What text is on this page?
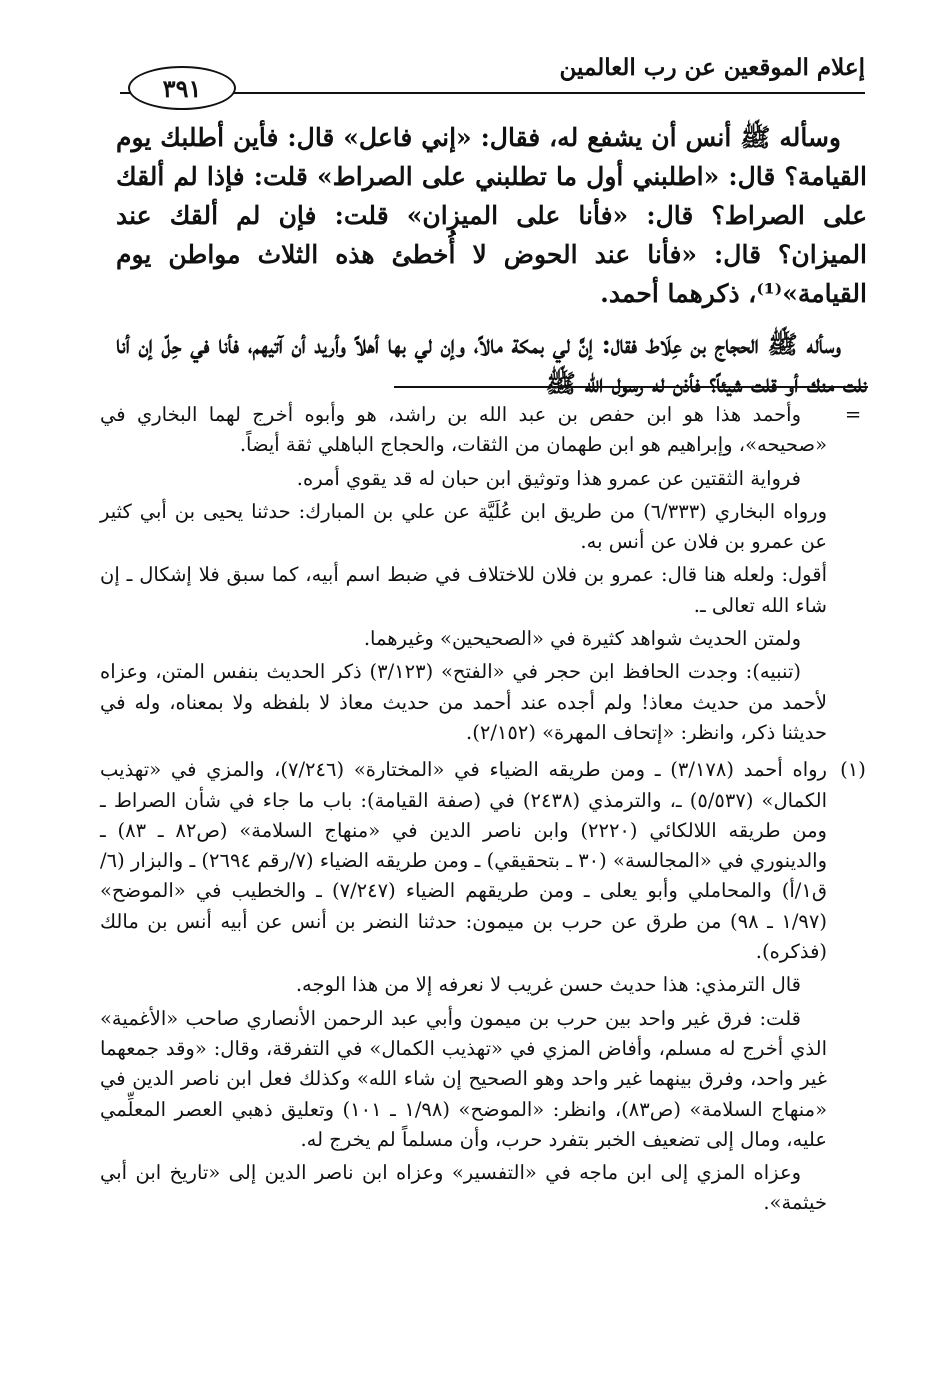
إعلام الموقعين عن رب العالمين
٣٩١

وسأله ﷺ أنس أن يشفع له، فقال: «إني فاعل» قال: فأين أطلبك يوم القيامة؟ قال: «اطلبني أول ما تطلبني على الصراط» قلت: فإذا لم ألقك على الصراط؟ قال: «فأنا على الميزان» قلت: فإن لم ألقك عند الميزان؟ قال: «فأنا عند الحوض لا أُخطئ هذه الثلاث مواطن يوم القيامة»⁽¹⁾، ذكرهما أحمد.

وسأله ﷺ الحجاج بن عِلَاط فقال: إنَّ لي بمكة مالاً، وإن لي بها أهلاً وأريد أن آتيهم، فأنا في حِلّ إن أنا نلت منك أو قلت شيئاً؟ فأذن له رسول الله ﷺ

=

وأحمد هذا هو ابن حفص بن عبد الله بن راشد، هو وأبوه أخرج لهما البخاري في «صحيحه»، وإبراهيم هو ابن طهمان من الثقات، والحجاج الباهلي ثقة أيضاً.

فرواية الثقتين عن عمرو هذا وتوثيق ابن حبان له قد يقوي أمره.

ورواه البخاري (٦/٣٣٣) من طريق ابن عُلَيَّة عن علي بن المبارك: حدثنا يحيى بن أبي كثير عن عمرو بن فلان عن أنس به.

أقول: ولعله هنا قال: عمرو بن فلان للاختلاف في ضبط اسم أبيه، كما سبق فلا إشكال ـ إن شاء الله تعالى ـ.

ولمتن الحديث شواهد كثيرة في «الصحيحين» وغيرهما.

(تنبيه): وجدت الحافظ ابن حجر في «الفتح» (٣/١٢٣) ذكر الحديث بنفس المتن، وعزاه لأحمد من حديث معاذ! ولم أجده عند أحمد من حديث معاذ لا بلفظه ولا بمعناه، وله في حديثنا ذكر، وانظر: «إتحاف المهرة» (٢/١٥٢).

(١)

رواه أحمد (٣/١٧٨) ـ ومن طريقه الضياء في «المختارة» (٧/٢٤٦)، والمزي في «تهذيب الكمال» (٥/٥٣٧) ـ، والترمذي (٢٤٣٨) في (صفة القيامة): باب ما جاء في شأن الصراط ـ ومن طريقه اللالكائي (٢٢٢٠) وابن ناصر الدين في «منهاج السلامة» (ص٨٢ ـ ٨٣) ـ والدينوري في «المجالسة» (٣٠ ـ بتحقيقي) ـ ومن طريقه الضياء (٧/رقم ٢٦٩٤) ـ والبزار (٦/ق١/أ) والمحاملي وأبو يعلى ـ ومن طريقهم الضياء (٧/٢٤٧) ـ والخطيب في «الموضح» (١/٩٧ ـ ٩٨) من طرق عن حرب بن ميمون: حدثنا النضر بن أنس عن أبيه أنس بن مالك (فذكره).

قال الترمذي: هذا حديث حسن غريب لا نعرفه إلا من هذا الوجه.

قلت: فرق غير واحد بين حرب بن ميمون وأبي عبد الرحمن الأنصاري صاحب «الأغمية» الذي أخرج له مسلم، وأفاض المزي في «تهذيب الكمال» في التفرقة، وقال: «وقد جمعهما غير واحد، وفرق بينهما غير واحد وهو الصحيح إن شاء الله» وكذلك فعل ابن ناصر الدين في «منهاج السلامة» (ص٨٣)، وانظر: «الموضح» (١/٩٨ ـ ١٠١) وتعليق ذهبي العصر المعلِّمي عليه، ومال إلى تضعيف الخبر بتفرد حرب، وأن مسلماً لم يخرج له.

وعزاه المزي إلى ابن ماجه في «التفسير» وعزاه ابن ناصر الدين إلى «تاريخ ابن أبي خيثمة».
